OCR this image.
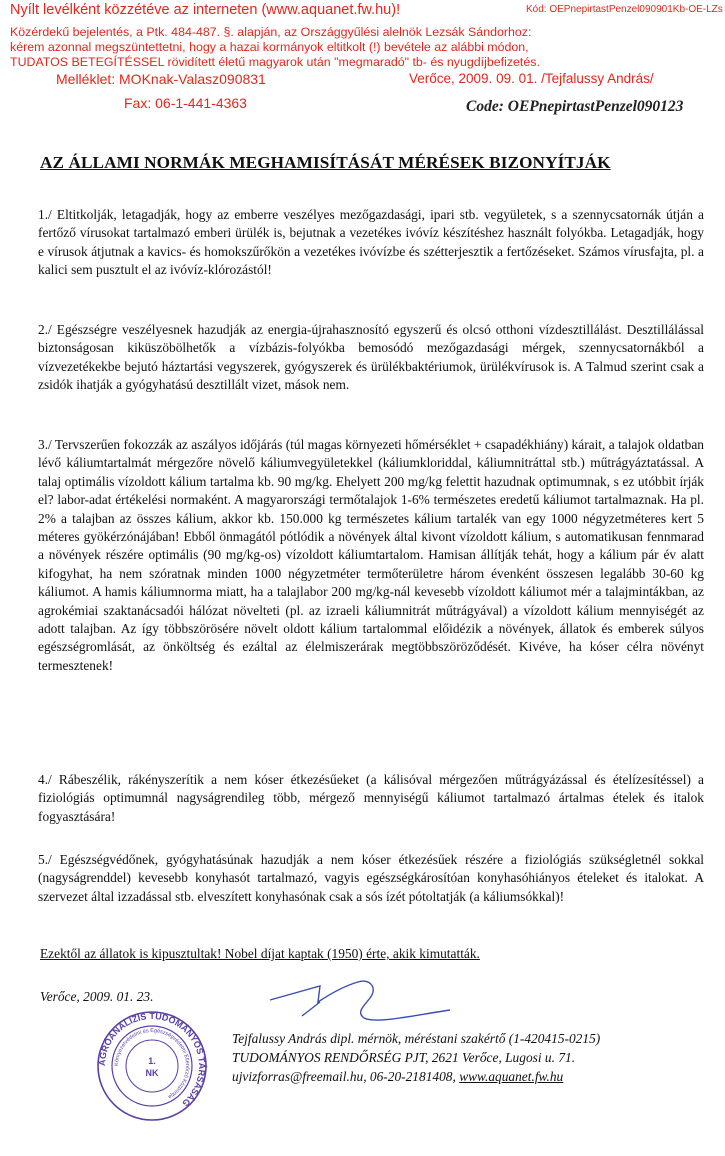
Nyílt levélként közzétéve az interneten (www.aquanet.fw.hu)!	Kód: OEPnepirtastPenzel090901Kb-OE-LZs
Közérdekű bejelentés, a Ptk. 484-487. §. alapján, az Országgyűlési alelnök Lezsák Sándorhoz:
kérem azonnal megszüntettetni, hogy a hazai kormányok eltitkolt (!) bevétele az alábbi módon,
TUDATOS BETEGÍTÉSSEL rövidített életű magyarok után "megmaradó" tb- és nyugdíjbefizetés.
Melléklet: MOKnak-Valasz090831	Verőce, 2009. 09. 01. /Tejfalussy András/
Fax: 06-1-441-4363	Code: OEPnepirtastPenzel090123
AZ ÁLLAMI NORMÁK MEGHAMISÍTÁSÁT MÉRÉSEK BIZONYÍTJÁK

1./ Eltitkolják, letagadják, hogy az emberre veszélyes mezőgazdasági, ipari stb. vegyületek, s a szennycsatornák útján a fertőző vírusokat tartalmazó emberi ürülék is, bejutnak a vezetékes ivóvíz készítéshez használt folyókba. Letagadják, hogy e vírusok átjutnak a kavics- és homokszűrőkön a vezetékes ivóvízbe és szétterjesztik a fertőzéseket. Számos vírusfajta, pl. a kalici sem pusztult el az ivóvíz-klórozástól!

2./ Egészségre veszélyesnek hazudják az energia-újrahasznosító egyszerű és olcsó otthoni vízdesztillálást. Desztillálással biztonságosan kiküszöbölhetők a vízbázis-folyókba bemosódó mezőgazdasági mérgek, szennycsatornákból a vízvezetékekbe bejutó háztartási vegyszerek, gyógyszerek és ürülékbaktériumok, ürülékvírusok is. A Talmud szerint csak a zsidók ihatják a gyógyhatású desztillált vizet, mások nem.

3./ Tervszerűen fokozzák az aszályos időjárás (túl magas környezeti hőmérséklet + csapadékhiány) kárait, a talajok oldatban lévő káliumtartalmát mérgezőre növelő káliumvegyületekkel (káliumkloriddal, káliumnitráttal stb.) műtrágyáztatással. A talaj optimális vízoldott kálium tartalma kb. 90 mg/kg. Ehelyett 200 mg/kg felettit hazudnak optimumnak, s ez utóbbit írják el? labor-adat értékelési normaként. A magyarországi termőtalajok 1-6% természetes eredetű káliumot tartalmaznak. Ha pl. 2% a talajban az összes kálium, akkor kb. 150.000 kg természetes kálium tartalék van egy 1000 négyzetméteres kert 5 méteres gyökérzónájában! Ebből önmagától pótlódik a növények által kivont vízoldott kálium, s automatikusan fennmarad a növények részére optimális (90 mg/kg-os) vízoldott káliumtartalom. Hamisan állítják tehát, hogy a kálium pár év alatt kifogyhat, ha nem szóratnak minden 1000 négyzetméter termőterületre három évenként összesen legalább 30-60 kg káliumot. A hamis káliumnorma miatt, ha a talajlabor 200 mg/kg-nál kevesebb vízoldott káliumot mér a talajmintákban, az agrokémiai szaktanácsadói hálózat növelteti (pl. az izraeli káliumnitrát műtrágyával) a vízoldott kálium mennyiségét az adott talajban. Az így többszörösére növelt oldott kálium tartalommal előidézik a növények, állatok és emberek súlyos egészségromlását, az önköltség és ezáltal az élelmiszerárak megtöbbszöröződését. Kivéve, ha kóser célra növényt termesztenek!

4./ Rábeszélik, rákényszerítik a nem kóser étkezésűeket (a kálisóval mérgezően műtrágyázással és ételízesítéssel) a fiziológiás optimumnál nagyságrendileg több, mérgező mennyiségű káliumot tartalmazó ártalmas ételek és italok fogyasztására!

5./ Egészségvédőnek, gyógyhatásúnak hazudják a nem kóser étkezésűek részére a fiziológiás szükségletnél sokkal (nagyságrenddel) kevesebb konyhasót tartalmazó, vagyis egészségkárosítóan konyhasóhiányos ételeket és italokat. A szervezet által izzadással stb. elveszített konyhasónak csak a sós ízét pótoltatják (a káliumsókkal)!

Ezektől az állatok is kipusztultak! Nobel díjat kaptak (1950) érte, akik kimutatták.
Verőce, 2009. 01. 23.
AGRÓANALIZIS TUDOMÁNYOS TÁRSASÁG
Környezetvédelmi és Egészségvédelmi Ellenőrző Központja
1.
NK
Tejfalussy András dipl. mérnök, méréstani szakértő (1-420415-0215)
TUDOMÁNYOS RENDŐRSÉG PJT, 2621 Verőce, Lugosi u. 71.
ujvizforras@freemail.hu, 06-20-2181408, www.aquanet.fw.hu
